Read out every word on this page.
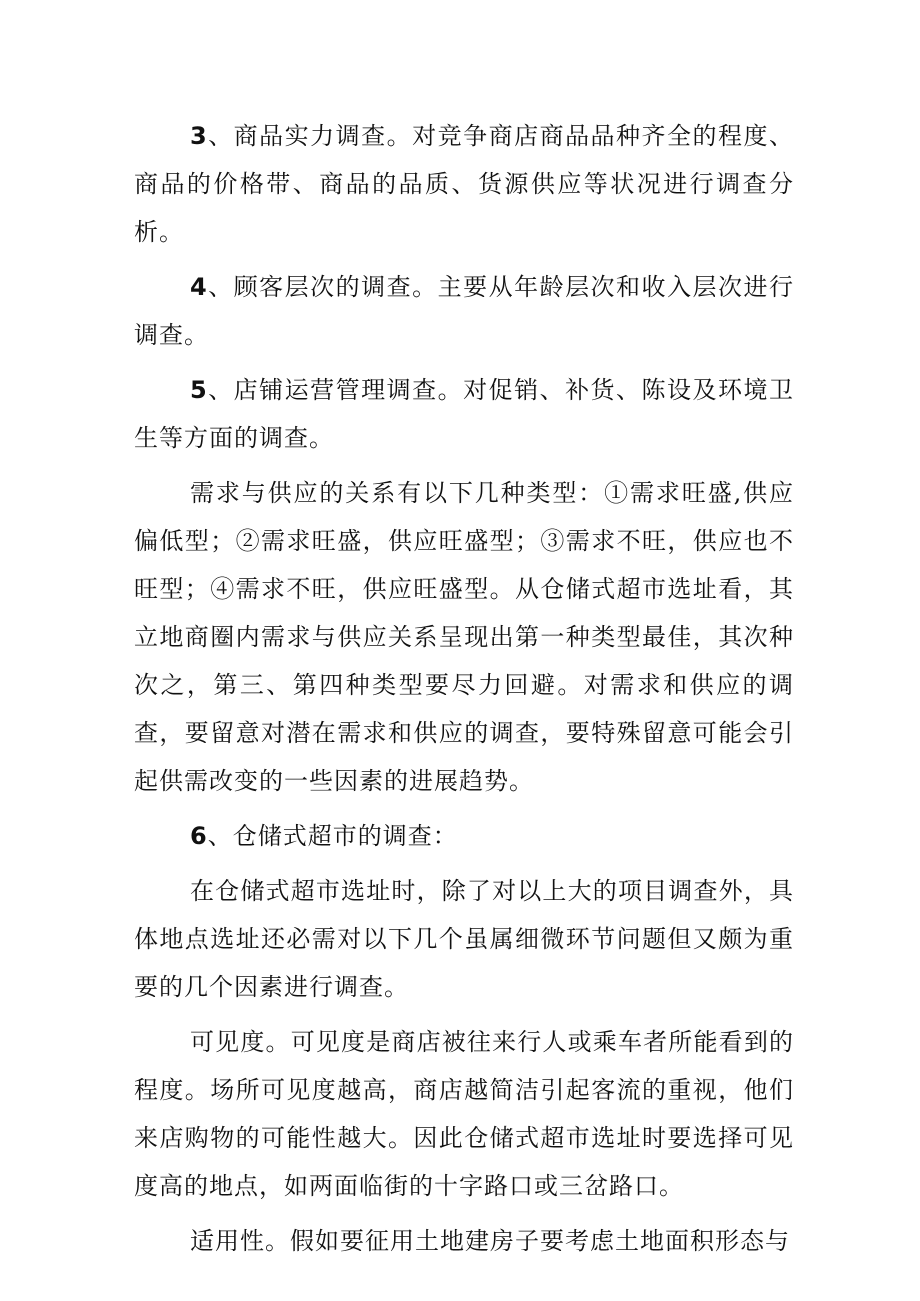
3、商品实力调查。对竞争商店商品品种齐全的程度、商品的价格带、商品的品质、货源供应等状况进行调查分析。

4、顾客层次的调查。主要从年龄层次和收入层次进行调查。

5、店铺运营管理调查。对促销、补货、陈设及环境卫生等方面的调查。

需求与供应的关系有以下几种类型：①需求旺盛,供应偏低型；②需求旺盛，供应旺盛型；③需求不旺，供应也不旺型；④需求不旺，供应旺盛型。从仓储式超市选址看，其立地商圈内需求与供应关系呈现出第一种类型最佳，其次种次之，第三、第四种类型要尽力回避。对需求和供应的调查，要留意对潜在需求和供应的调查，要特殊留意可能会引起供需改变的一些因素的进展趋势。

6、仓储式超市的调查：

在仓储式超市选址时，除了对以上大的项目调查外，具体地点选址还必需对以下几个虽属细微环节问题但又颇为重要的几个因素进行调查。

可见度。可见度是商店被往来行人或乘车者所能看到的程度。场所可见度越高，商店越简洁引起客流的重视，他们来店购物的可能性越大。因此仓储式超市选址时要选择可见度高的地点，如两面临街的十字路口或三岔路口。

适用性。假如要征用土地建房子要考虑土地面积形态与
